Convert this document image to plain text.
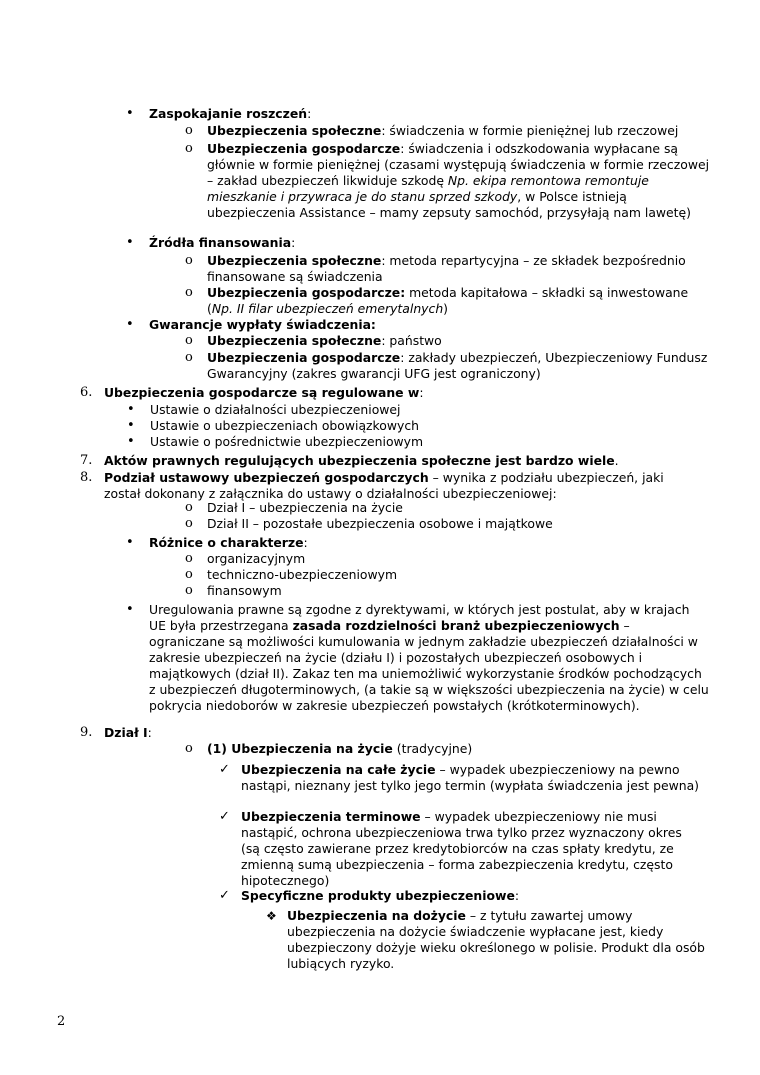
• Zaspokajanie roszczeń:
o Ubezpieczenia społeczne: świadczenia w formie pieniężnej lub rzeczowej
o Ubezpieczenia gospodarcze: świadczenia i odszkodowania wypłacane są głównie w formie pieniężnej (czasami występują świadczenia w formie rzeczowej – zakład ubezpieczeń likwiduje szkodę Np. ekipa remontowa remontuje mieszkanie i przywraca je do stanu sprzed szkody, w Polsce istnieją ubezpieczenia Assistance – mamy zepsuty samochód, przysyłają nam lawetę)
• Źródła finansowania:
o Ubezpieczenia społeczne: metoda repartycyjna – ze składek bezpośrednio finansowane są świadczenia
o Ubezpieczenia gospodarcze: metoda kapitałowa – składki są inwestowane (Np. II filar ubezpieczeń emerytalnych)
• Gwarancje wypłaty świadczenia:
o Ubezpieczenia społeczne: państwo
o Ubezpieczenia gospodarcze: zakłady ubezpieczeń, Ubezpieczeniowy Fundusz Gwarancyjny (zakres gwarancji UFG jest ograniczony)
6. Ubezpieczenia gospodarcze są regulowane w:
• Ustawie o działalności ubezpieczeniowej
• Ustawie o ubezpieczeniach obowiązkowych
• Ustawie o pośrednictwie ubezpieczeniowym
7. Aktów prawnych regulujących ubezpieczenia społeczne jest bardzo wiele.
8. Podział ustawowy ubezpieczeń gospodarczych – wynika z podziału ubezpieczeń, jaki został dokonany z załącznika do ustawy o działalności ubezpieczeniowej:
o Dział I – ubezpieczenia na życie
o Dział II – pozostałe ubezpieczenia osobowe i majątkowe
• Różnice o charakterze:
o organizacyjnym
o techniczno-ubezpieczeniowym
o finansowym
• Uregulowania prawne są zgodne z dyrektywami, w których jest postulat, aby w krajach UE była przestrzegana zasada rozdzielności branż ubezpieczeniowych – ograniczane są możliwości kumulowania w jednym zakładzie ubezpieczeń działalności w zakresie ubezpieczeń na życie (działu I) i pozostałych ubezpieczeń osobowych i majątkowych (dział II). Zakaz ten ma uniemożliwić wykorzystanie środków pochodzących z ubezpieczeń długoterminowych, (a takie są w większości ubezpieczenia na życie) w celu pokrycia niedoborów w zakresie ubezpieczeń powstałych (krótkoterminowych).
9. Dział I:
o (1) Ubezpieczenia na życie (tradycyjne)
✓ Ubezpieczenia na całe życie – wypadek ubezpieczeniowy na pewno nastąpi, nieznany jest tylko jego termin (wypłata świadczenia jest pewna)
✓ Ubezpieczenia terminowe – wypadek ubezpieczeniowy nie musi nastąpić, ochrona ubezpieczeniowa trwa tylko przez wyznaczony okres (są często zawierane przez kredytobiorców na czas spłaty kredytu, ze zmienną sumą ubezpieczenia – forma zabezpieczenia kredytu, często hipotecznego)
✓ Specyficzne produkty ubezpieczeniowe:
❖ Ubezpieczenia na dożycie – z tytułu zawartej umowy ubezpieczenia na dożycie świadczenie wypłacane jest, kiedy ubezpieczony dożyje wieku określonego w polisie. Produkt dla osób lubiących ryzyko.
2
